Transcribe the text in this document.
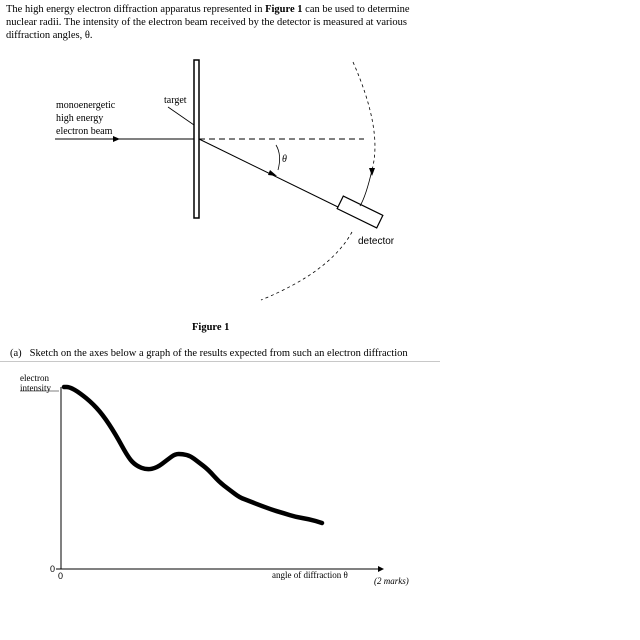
The high energy electron diffraction apparatus represented in Figure 1 can be used to determine nuclear radii. The intensity of the electron beam received by the detector is measured at various diffraction angles, θ.
target
monoenergetic high energy electron beam
θ
detector
0
0
electron intensity
angle of diffraction θ
Figure 1
(a) Sketch on the axes below a graph of the results expected from such an electron diffraction
(2 marks)
